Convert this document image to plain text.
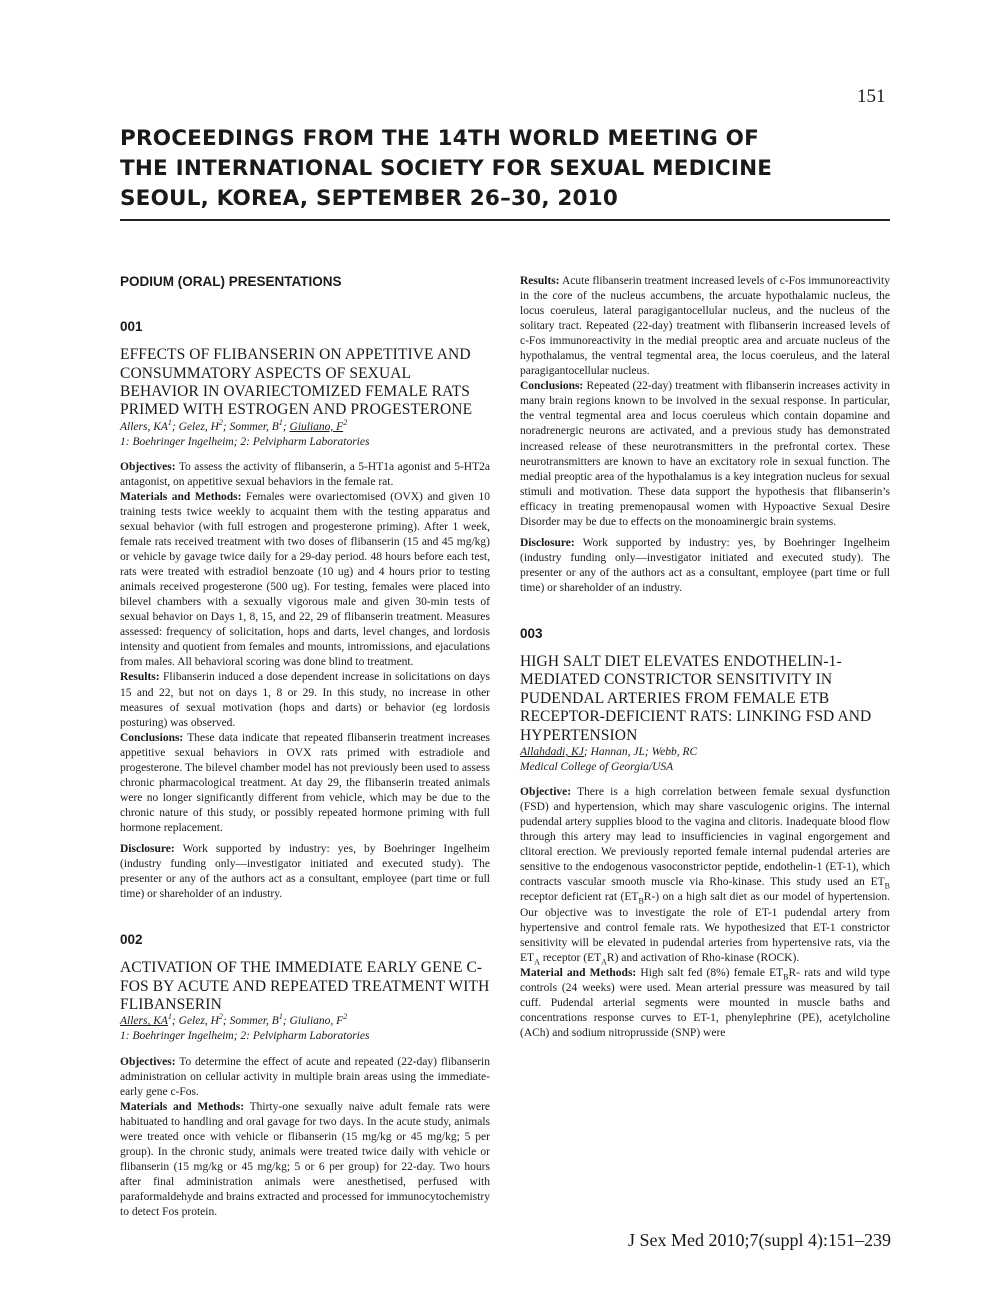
151
PROCEEDINGS FROM THE 14TH WORLD MEETING OF
THE INTERNATIONAL SOCIETY FOR SEXUAL MEDICINE
SEOUL, KOREA, SEPTEMBER 26–30, 2010

PODIUM (ORAL) PRESENTATIONS

001

EFFECTS OF FLIBANSERIN ON APPETITIVE AND CONSUMMATORY ASPECTS OF SEXUAL BEHAVIOR IN OVARIECTOMIZED FEMALE RATS PRIMED WITH ESTROGEN AND PROGESTERONE

Allers, $KA^1$; Gelez, $H^2$; Sommer, $B^1$; Giuliano, $F^2$

1: Boehringer Ingelheim; 2: Pelvipharm Laboratories

Objectives: To assess the activity of flibanserin, a 5-HT1a agonist and 5-HT2a antagonist, on appetitive sexual behaviors in the female rat.

Materials and Methods: Females were ovariectomised (OVX) and given 10 training tests twice weekly to acquaint them with the testing apparatus and sexual behavior (with full estrogen and progesterone priming). After 1 week, female rats received treatment with two doses of flibanserin (15 and 45 mg/kg) or vehicle by gavage twice daily for a 29-day period. 48 hours before each test, rats were treated with estradiol benzoate (10 ug) and 4 hours prior to testing animals received progesterone (500 ug). For testing, females were placed into bilevel chambers with a sexually vigorous male and given 30-min tests of sexual behavior on Days 1, 8, 15, and 22, 29 of flibanserin treatment. Measures assessed: frequency of solicitation, hops and darts, level changes, and lordosis intensity and quotient from females and mounts, intromissions, and ejaculations from males. All behavioral scoring was done blind to treatment.

Results: Flibanserin induced a dose dependent increase in solicitations on days 15 and 22, but not on days 1, 8 or 29. In this study, no increase in other measures of sexual motivation (hops and darts) or behavior (eg lordosis posturing) was observed.

Conclusions: These data indicate that repeated flibanserin treatment increases appetitive sexual behaviors in OVX rats primed with estradiole and progesterone. The bilevel chamber model has not previously been used to assess chronic pharmacological treatment. At day 29, the flibanserin treated animals were no longer significantly different from vehicle, which may be due to the chronic nature of this study, or possibly repeated hormone priming with full hormone replacement.

Disclosure: Work supported by industry: yes, by Boehringer Ingelheim (industry funding only—investigator initiated and executed study). The presenter or any of the authors act as a consultant, employee (part time or full time) or shareholder of an industry.

002

ACTIVATION OF THE IMMEDIATE EARLY GENE C-FOS BY ACUTE AND REPEATED TREATMENT WITH FLIBANSERIN

Allers, $KA^1$; Gelez, $H^2$; Sommer, $B^1$; Giuliano, $F^2$

1: Boehringer Ingelheim; 2: Pelvipharm Laboratories

Objectives: To determine the effect of acute and repeated (22-day) flibanserin administration on cellular activity in multiple brain areas using the immediate-early gene c-Fos.

Materials and Methods: Thirty-one sexually naive adult female rats were habituated to handling and oral gavage for two days. In the acute study, animals were treated once with vehicle or flibanserin (15 mg/kg or 45 mg/kg; 5 per group). In the chronic study, animals were treated twice daily with vehicle or flibanserin (15 mg/kg or 45 mg/kg; 5 or 6 per group) for 22-day. Two hours after final administration animals were anesthetised, perfused with paraformaldehyde and brains extracted and processed for immunocytochemistry to detect Fos protein.

Results: Acute flibanserin treatment increased levels of c-Fos immunoreactivity in the core of the nucleus accumbens, the arcuate hypothalamic nucleus, the locus coeruleus, lateral paragigantocellular nucleus, and the nucleus of the solitary tract. Repeated (22-day) treatment with flibanserin increased levels of c-Fos immunoreactivity in the medial preoptic area and arcuate nucleus of the hypothalamus, the ventral tegmental area, the locus coeruleus, and the lateral paragigantocellular nucleus.

Conclusions: Repeated (22-day) treatment with flibanserin increases activity in many brain regions known to be involved in the sexual response. In particular, the ventral tegmental area and locus coeruleus which contain dopamine and noradrenergic neurons are activated, and a previous study has demonstrated increased release of these neurotransmitters in the prefrontal cortex. These neurotransmitters are known to have an excitatory role in sexual function. The medial preoptic area of the hypothalamus is a key integration nucleus for sexual stimuli and motivation. These data support the hypothesis that flibanserin’s efficacy in treating premenopausal women with Hypoactive Sexual Desire Disorder may be due to effects on the monoaminergic brain systems.

Disclosure: Work supported by industry: yes, by Boehringer Ingelheim (industry funding only—investigator initiated and executed study). The presenter or any of the authors act as a consultant, employee (part time or full time) or shareholder of an industry.

003

HIGH SALT DIET ELEVATES ENDOTHELIN-1-MEDIATED CONSTRICTOR SENSITIVITY IN PUDENDAL ARTERIES FROM FEMALE ETB RECEPTOR-DEFICIENT RATS: LINKING FSD AND HYPERTENSION

Allahdadi, KJ; Hannan, JL; Webb, RC

Medical College of Georgia/USA

Objective: There is a high correlation between female sexual dysfunction (FSD) and hypertension, which may share vasculogenic origins. The internal pudendal artery supplies blood to the vagina and clitoris. Inadequate blood flow through this artery may lead to insufficiencies in vaginal engorgement and clitoral erection. We previously reported female internal pudendal arteries are sensitive to the endogenous vasoconstrictor peptide, endothelin-1 (ET-1), which contracts vascular smooth muscle via Rho-kinase. This study used an $ET_B$ receptor deficient rat $(ET_BR-)$ on a high salt diet as our model of hypertension. Our objective was to investigate the role of ET-1 pudendal artery from hypertensive and control female rats. We hypothesized that ET-1 constrictor sensitivity will be elevated in pudendal arteries from hypertensive rats, via the $ET_A$ receptor $(ET_AR)$ and activation of Rho-kinase (ROCK).

Material and Methods: High salt fed (8%) female $ET_BR-$ rats and wild type controls (24 weeks) were used. Mean arterial pressure was measured by tail cuff. Pudendal arterial segments were mounted in muscle baths and concentrations response curves to ET-1, phenylephrine (PE), acetylcholine (ACh) and sodium nitroprusside (SNP) were

J Sex Med 2010;7(suppl 4):151–239
